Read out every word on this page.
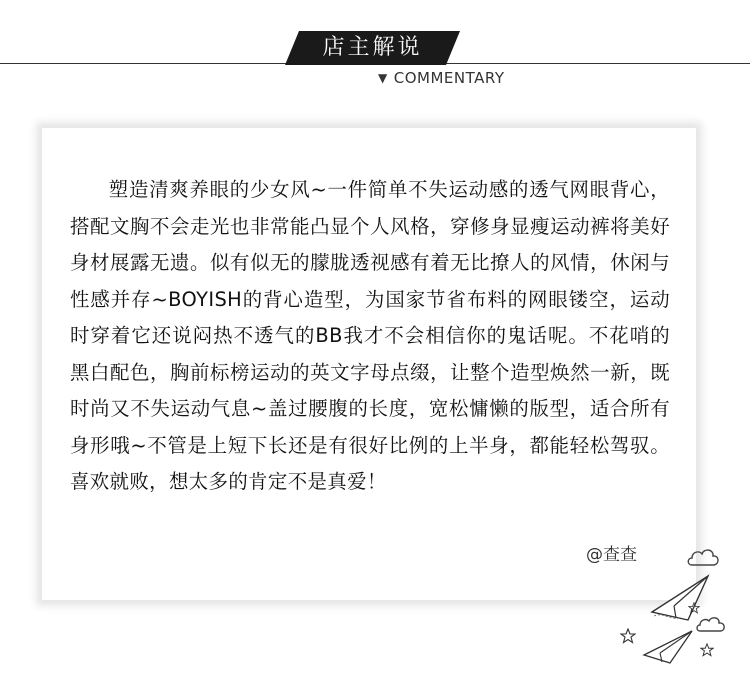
店主解说
▼ COMMENTARY

塑造清爽养眼的少女风~一件简单不失运动感的透气网眼背心，搭配文胸不会走光也非常能凸显个人风格，穿修身显瘦运动裤将美好身材展露无遗。似有似无的朦胧透视感有着无比撩人的风情，休闲与性感并存~BOYISH的背心造型，为国家节省布料的网眼镂空，运动时穿着它还说闷热不透气的BB我才不会相信你的鬼话呢。不花哨的黑白配色，胸前标榜运动的英文字母点缀，让整个造型焕然一新，既时尚又不失运动气息~盖过腰腹的长度，宽松慵懒的版型，适合所有身形哦~不管是上短下长还是有很好比例的上半身，都能轻松驾驭。喜欢就败，想太多的肯定不是真爱！

@查查
